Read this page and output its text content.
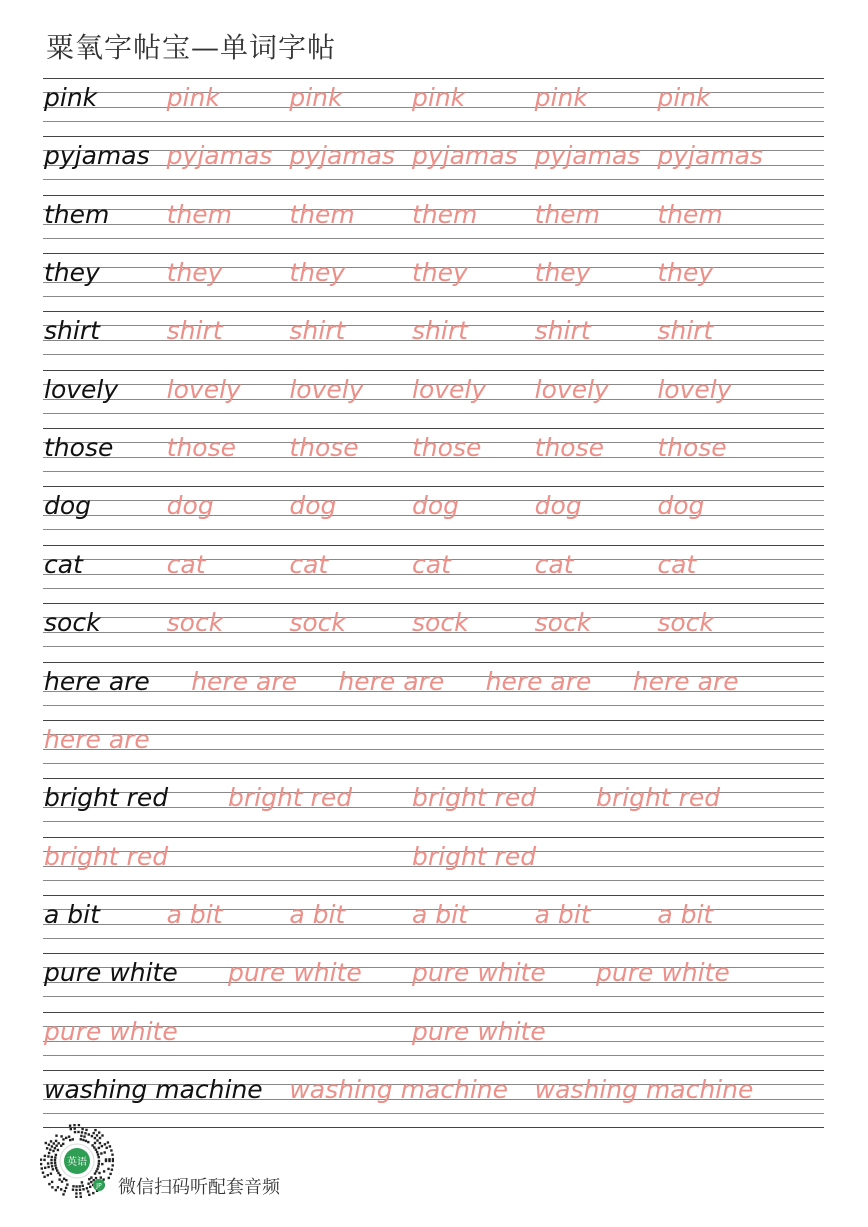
粟氧字帖宝—单词字帖
pink	pink	pink	pink	pink	pink
pyjamas pyjamas pyjamas pyjamas pyjamas pyjamas
them them them them them them
they	they	they	they	they	they
shirt	shirt	shirt	shirt	shirt	shirt
lovely lovely lovely lovely lovely lovely
those those those those those those
dog	dog	dog	dog	dog	dog
cat	cat	cat	cat	cat	cat
sock	sock	sock	sock	sock	sock
here are here are here are here are here are
here are
bright red bright red bright red bright red
bright red	bright red
a bit	a bit	a bit	a bit	a bit	a bit
pure white pure white pure white pure white
pure white	pure white
washing machine washing machine washing machine
英语
JP 微信扫码听配套音频
